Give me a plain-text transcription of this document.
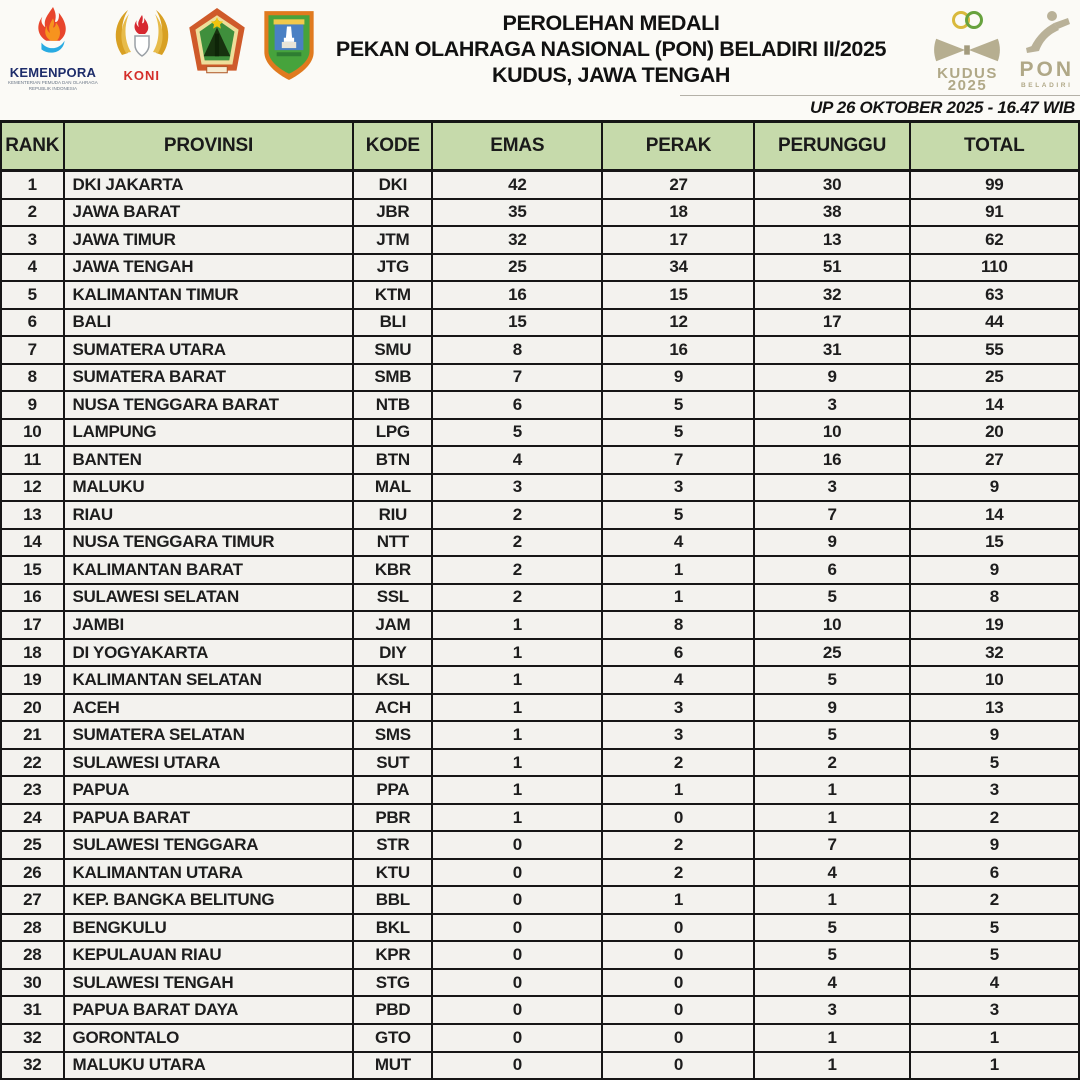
KEMENPORA
KEMENTERIAN PEMUDA DAN OLAHRAGA
REPUBLIK INDONESIA
KONI
PEROLEHAN MEDALI
PEKAN OLAHRAGA NASIONAL (PON) BELADIRI II/2025
KUDUS, JAWA TENGAH	KUDUS
2025
PON
BELADIRI
UP 26 OKTOBER 2025 - 16.47 WIB
RANK	PROVINSI	KODE	EMAS	PERAK	PERUNGGU	TOTAL
1	DKI JAKARTA	DKI	42	27	30	99
2	JAWA BARAT	JBR	35	18	38	91
3	JAWA TIMUR	JTM	32	17	13	62
4	JAWA TENGAH	JTG	25	34	51	110
5	KALIMANTAN TIMUR	KTM	16	15	32	63
6	BALI	BLI	15	12	17	44
7	SUMATERA UTARA	SMU	8	16	31	55
8	SUMATERA BARAT	SMB	7	9	9	25
9	NUSA TENGGARA BARAT	NTB	6	5	3	14
10	LAMPUNG	LPG	5	5	10	20
11	BANTEN	BTN	4	7	16	27
12	MALUKU	MAL	3	3	3	9
13	RIAU	RIU	2	5	7	14
14	NUSA TENGGARA TIMUR	NTT	2	4	9	15
15	KALIMANTAN BARAT	KBR	2	1	6	9
16	SULAWESI SELATAN	SSL	2	1	5	8
17	JAMBI	JAM	1	8	10	19
18	DI YOGYAKARTA	DIY	1	6	25	32
19	KALIMANTAN SELATAN	KSL	1	4	5	10
20	ACEH	ACH	1	3	9	13
21	SUMATERA SELATAN	SMS	1	3	5	9
22	SULAWESI UTARA	SUT	1	2	2	5
23	PAPUA	PPA	1	1	1	3
24	PAPUA BARAT	PBR	1	0	1	2
25	SULAWESI TENGGARA	STR	0	2	7	9
26	KALIMANTAN UTARA	KTU	0	2	4	6
27	KEP. BANGKA BELITUNG	BBL	0	1	1	2
28	BENGKULU	BKL	0	0	5	5
28	KEPULAUAN RIAU	KPR	0	0	5	5
30	SULAWESI TENGAH	STG	0	0	4	4
31	PAPUA BARAT DAYA	PBD	0	0	3	3
32	GORONTALO	GTO	0	0	1	1
32	MALUKU UTARA	MUT	0	0	1	1
